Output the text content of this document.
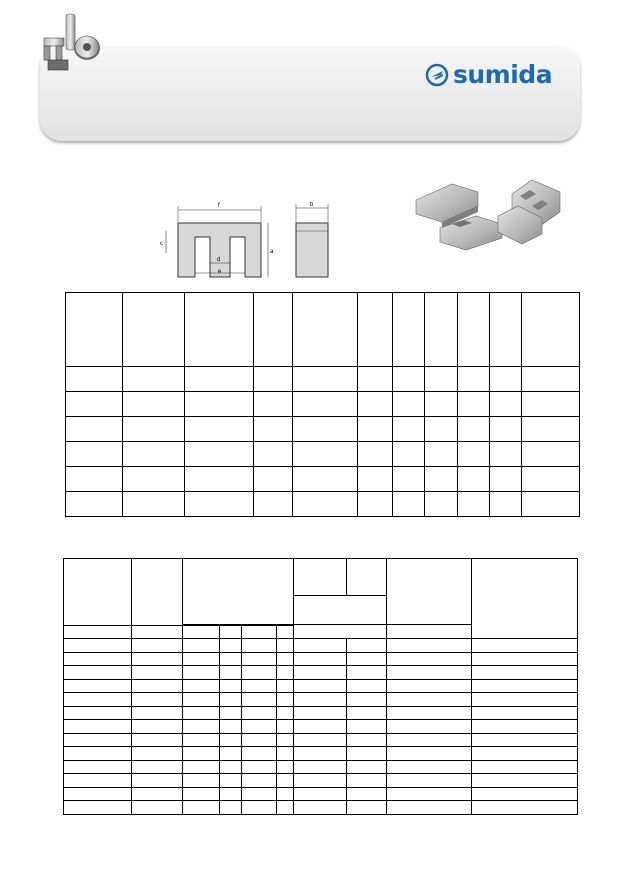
sumida
f
c
a
d
e
b
